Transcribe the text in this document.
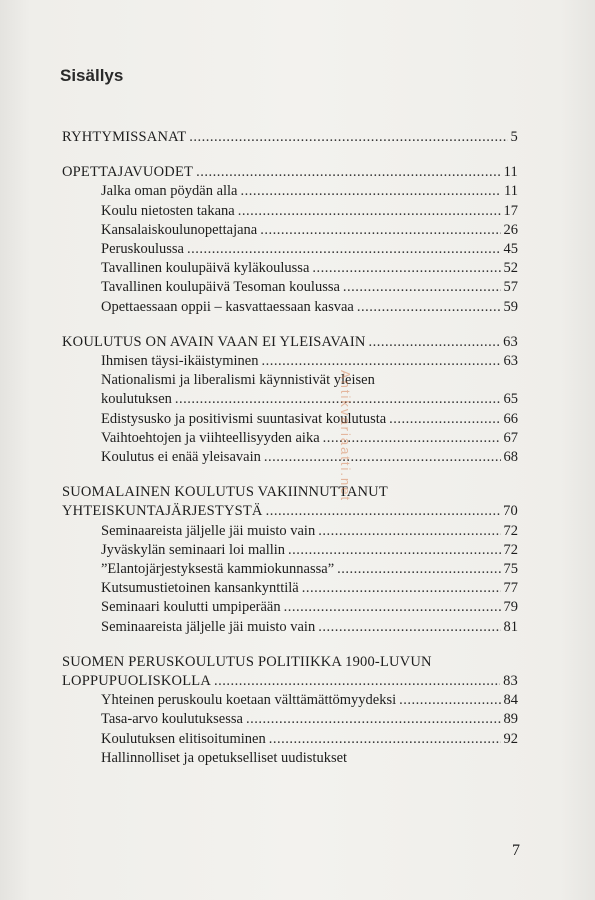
Sisällys
RYHTYMISSANAT .....	5
OPETTAJAVUODET .....	11
Jalka oman pöydän alla .....	11
Koulu nietosten takana .....	17
Kansalaiskoulunopettajana .....	26
Peruskoulussa .....	45
Tavallinen koulupäivä kyläkoulussa .....	52
Tavallinen koulupäivä Tesoman koulussa .....	57
Opettaessaan oppii – kasvattaessaan kasvaa .....	59
KOULUTUS ON AVAIN VAAN EI YLEISAVAIN .....	63
Ihmisen täysi-ikäistyminen .....	63
Nationalismi ja liberalismi käynnistivät yleisen
koulutuksen .....	65
Edistysusko ja positivismi suuntasivat koulutusta .....	66
Vaihtoehtojen ja viihteellisyyden aika .....	67
Koulutus ei enää yleisavain .....	68
SUOMALAINEN KOULUTUS VAKIINNUTTANUT
YHTEISKUNTAJÄRJESTYSTÄ .....	70
Seminaareista jäljelle jäi muisto vain .....	72
Jyväskylän seminaari loi mallin .....	72
”Elantojärjestyksestä kammiokunnassa” .....	75
Kutsumustietoinen kansankynttilä .....	77
Seminaari koulutti umpiperään .....	79
Seminaareista jäljelle jäi muisto vain .....	81
SUOMEN PERUSKOULUTUS POLITIIKKA 1900-LUVUN
LOPPUPUOLISKOLLA .....	83
Yhteinen peruskoulu koetaan välttämättömyydeksi .....	84
Tasa-arvo koulutuksessa .....	89
Koulutuksen elitisoituminen .....	92
Hallinnolliset ja opetukselliset uudistukset
Antikvariaatti.net
7
